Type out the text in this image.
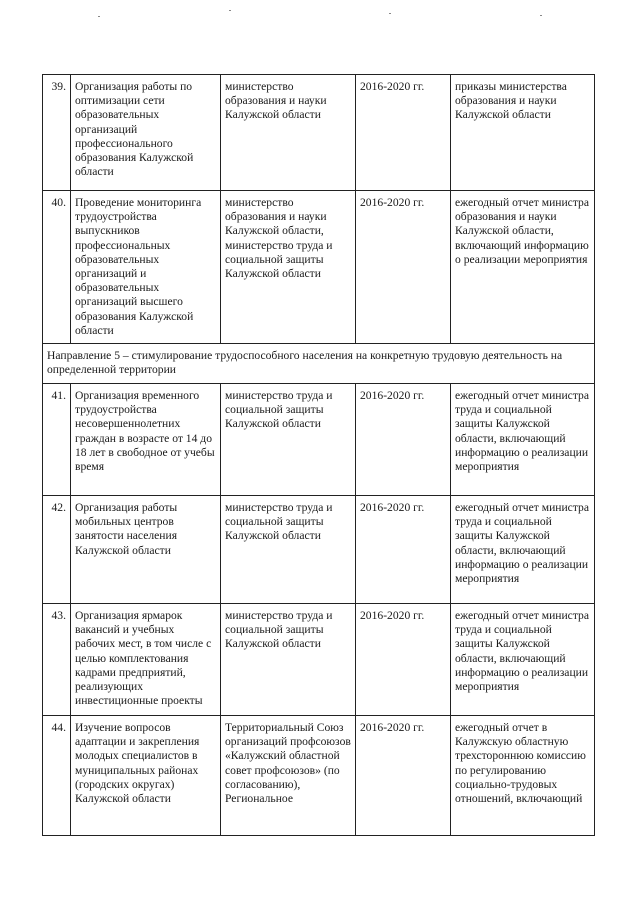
39.	Организация работы по оптимизации сети образовательных организаций профессионального образования Калужской области	министерство образования и науки Калужской области	2016-2020 гг.	приказы министерства образования и науки Калужской области

40.	Проведение мониторинга трудоустройства выпускников профессиональных образовательных организаций и образовательных организаций высшего образования Калужской области	министерство образования и науки Калужской области, министерство труда и социальной защиты Калужской области	2016-2020 гг.	ежегодный отчет министра образования и науки Калужской области, включающий информацию о реализации мероприятия

Направление 5 – стимулирование трудоспособного населения на конкретную трудовую деятельность на определенной территории				
41.	Организация временного трудоустройства несовершеннолетних граждан в возрасте от 14 до 18 лет в свободное от учебы время	министерство труда и социальной защиты Калужской области	2016-2020 гг.	ежегодный отчет министра труда и социальной защиты Калужской области, включающий информацию о реализации мероприятия

42.	Организация работы мобильных центров занятости населения Калужской области	министерство труда и социальной защиты Калужской области	2016-2020 гг.	ежегодный отчет министра труда и социальной защиты Калужской области, включающий информацию о реализации мероприятия

43.	Организация ярмарок вакансий и учебных рабочих мест, в том числе с целью комплектования кадрами предприятий, реализующих инвестиционные проекты	министерство труда и социальной защиты Калужской области	2016-2020 гг.	ежегодный отчет министра труда и социальной защиты Калужской области, включающий информацию о реализации мероприятия

44.	Изучение вопросов адаптации и закрепления молодых специалистов в муниципальных районах (городских округах) Калужской области	Территориальный Союз организаций профсоюзов «Калужский областной совет профсоюзов» (по согласованию), Региональное	2016-2020 гг.	ежегодный отчет в Калужскую областную трехстороннюю комиссию по регулированию социально-трудовых отношений, включающий
